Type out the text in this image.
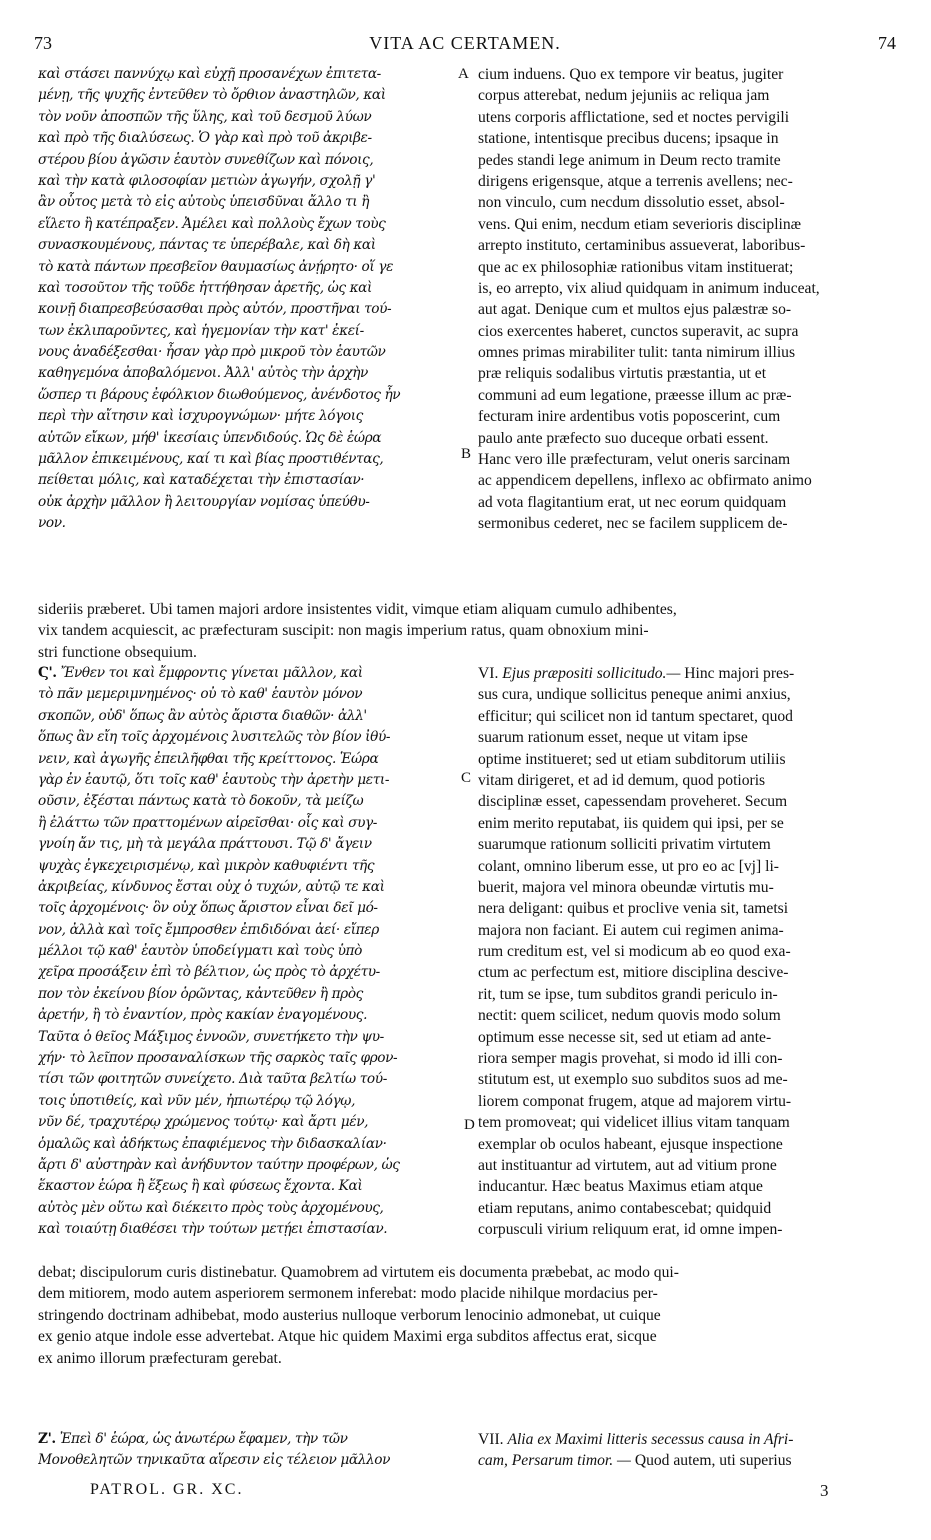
73	VITA AC CERTAMEN.	74
καὶ στάσει παννύχῳ καὶ εὐχῇ προσανέχων ἐπιτετα-
μένῃ, τῆς ψυχῆς ἐντεῦθεν τὸ ὄρθιον ἀναστηλῶν, καὶ
τὸν νοῦν ἀποσπῶν τῆς ὕλης, καὶ τοῦ δεσμοῦ λύων
καὶ πρὸ τῆς διαλύσεως. Ὁ γὰρ καὶ πρὸ τοῦ ἀκριβε-
στέρου βίου ἀγῶσιν ἑαυτὸν συνεθίζων καὶ πόνοις,
καὶ τὴν κατὰ φιλοσοφίαν μετιὼν ἀγωγήν, σχολῇ γ'
ἂν οὗτος μετὰ τὸ εἰς αὐτοὺς ὑπεισδῦναι ἄλλο τι ἢ
εἵλετο ἢ κατέπραξεν. Ἀμέλει καὶ πολλοὺς ἔχων τοὺς
συνασκουμένους, πάντας τε ὑπερέβαλε, καὶ δὴ καὶ
τὸ κατὰ πάντων πρεσβεῖον θαυμασίως ἀνῄρητο· οἵ γε
καὶ τοσοῦτον τῆς τοῦδε ἡττήθησαν ἀρετῆς, ὡς καὶ
κοινῇ διαπρεσβεύσασθαι πρὸς αὐτόν, προστῆναι τού-
των ἐκλιπαροῦντες, καὶ ἡγεμονίαν τὴν κατ' ἐκεί-
νους ἀναδέξεσθαι· ἦσαν γὰρ πρὸ μικροῦ τὸν ἑαυτῶν
καθηγεμόνα ἀποβαλόμενοι. Ἀλλ' αὐτὸς τὴν ἀρχὴν
ὥσπερ τι βάρους ἐφόλκιον διωθούμενος, ἀνένδοτος ἦν
περὶ τὴν αἴτησιν καὶ ἰσχυρογνώμων· μήτε λόγοις
αὐτῶν εἴκων, μήθ' ἱκεσίαις ὑπενδιδούς. Ὡς δὲ ἑώρα
μᾶλλον ἐπικειμένους, καί τι καὶ βίας προστιθέντας,
πείθεται μόλις, καὶ καταδέχεται τὴν ἐπιστασίαν·
οὐκ ἀρχὴν μᾶλλον ἢ λειτουργίαν νομίσας ὑπεύθυ-
νον.
cium induens. Quo ex tempore vir beatus, jugiter
corpus atterebat, nedum jejuniis ac reliqua jam
utens corporis afflictatione, sed et noctes pervigili
statione, intentisque precibus ducens; ipsaque in
pedes standi lege animum in Deum recto tramite
dirigens erigensque, atque a terrenis avellens; nec-
non vinculo, cum necdum dissolutio esset, absol-
vens. Qui enim, necdum etiam severioris disciplinæ
arrepto instituto, certaminibus assueverat, laboribus-
que ac ex philosophiæ rationibus vitam instituerat;
is, eo arrepto, vix aliud quidquam in animum induceat,
aut agat. Denique cum et multos ejus palæstræ so-
cios exercentes haberet, cunctos superavit, ac supra
omnes primas mirabiliter tulit: tanta nimirum illius
præ reliquis sodalibus virtutis præstantia, ut et
communi ad eum legatione, præesse illum ac præ-
fecturam inire ardentibus votis poposcerint, cum
paulo ante præfecto suo duceque orbati essent.
Hanc vero ille præfecturam, velut oneris sarcinam
ac appendicem depellens, inflexo ac obfirmato animo
ad vota flagitantium erat, ut nec eorum quidquam
sermonibus cederet, nec se facilem supplicem de-
sideriis præberet. Ubi tamen majori ardore insistentes vidit, vimque etiam aliquam cumulo adhibentes,
vix tandem acquiescit, ac præfecturam suscipit: non magis imperium ratus, quam obnoxium mini-
stri functione obsequium.
Ϛ'. Ἔνθεν τοι καὶ ἔμφροντις γίνεται μᾶλλον, καὶ
τὸ πᾶν μεμεριμνημένος· οὐ τὸ καθ' ἑαυτὸν μόνον
σκοπῶν, οὐδ' ὅπως ἂν αὐτὸς ἄριστα διαθῶν· ἀλλ'
ὅπως ἂν εἴη τοῖς ἀρχομένοις λυσιτελῶς τὸν βίον ἰθύ-
νειν, καὶ ἀγωγῆς ἐπειλῆφθαι τῆς κρείττονος. Ἑώρα
γὰρ ἐν ἑαυτῷ, ὅτι τοῖς καθ' ἑαυτοὺς τὴν ἀρετὴν μετι-
οῦσιν, ἐξέσται πάντως κατὰ τὸ δοκοῦν, τὰ μείζω
ἢ ἐλάττω τῶν πραττομένων αἱρεῖσθαι· οἷς καὶ συγ-
γνοίη ἄν τις, μὴ τὰ μεγάλα πράττουσι. Τῷ δ' ἄγειν
ψυχὰς ἐγκεχειρισμένῳ, καὶ μικρὸν καθυφιέντι τῆς
ἀκριβείας, κίνδυνος ἔσται οὐχ ὁ τυχών, αὐτῷ τε καὶ
τοῖς ἀρχομένοις· ὃν οὐχ ὅπως ἄριστον εἶναι δεῖ μό-
νον, ἀλλὰ καὶ τοῖς ἔμπροσθεν ἐπιδιδόναι ἀεί· εἴπερ
μέλλοι τῷ καθ' ἑαυτὸν ὑποδείγματι καὶ τοὺς ὑπὸ
χεῖρα προσάξειν ἐπὶ τὸ βέλτιον, ὡς πρὸς τὸ ἀρχέτυ-
πον τὸν ἐκείνου βίον ὁρῶντας, κἀντεῦθεν ἢ πρὸς
ἀρετήν, ἢ τὸ ἐναντίον, πρὸς κακίαν ἐναγομένους.
Ταῦτα ὁ θεῖος Μάξιμος ἐννοῶν, συνετήκετο τὴν ψυ-
χήν· τὸ λεῖπον προσαναλίσκων τῆς σαρκὸς ταῖς φρον-
τίσι τῶν φοιτητῶν συνείχετο. Διὰ ταῦτα βελτίω τού-
τοις ὑποτιθείς, καὶ νῦν μέν, ἠπιωτέρῳ τῷ λόγῳ,
νῦν δέ, τραχυτέρῳ χρώμενος τούτῳ· καὶ ἄρτι μέν,
ὁμαλῶς καὶ ἀδήκτως ἐπαφιέμενος τὴν διδασκαλίαν·
ἄρτι δ' αὐστηρὰν καὶ ἀνήδυντον ταύτην προφέρων, ὡς
ἕκαστον ἑώρα ἢ ἕξεως ἢ καὶ φύσεως ἔχοντα. Καὶ
αὐτὸς μὲν οὕτω καὶ διέκειτο πρὸς τοὺς ἀρχομένους,
καὶ τοιαύτῃ διαθέσει τὴν τούτων μετῄει ἐπιστασίαν.
VI. Ejus præpositi sollicitudo.— Hinc majori pres-
sus cura, undique sollicitus peneque animi anxius,
efficitur; qui scilicet non id tantum spectaret, quod
suarum rationum esset, neque ut vitam ipse
optime institueret; sed ut etiam subditorum utiliis
vitam dirigeret, et ad id demum, quod potioris
disciplinæ esset, capessendam proveheret. Secum
enim merito reputabat, iis quidem qui ipsi, per se
suarumque rationum solliciti privatim virtutem
colant, omnino liberum esse, ut pro eo ac [vj] li-
buerit, majora vel minora obeundæ virtutis mu-
nera deligant: quibus et proclive venia sit, tametsi
majora non faciant. Ei autem cui regimen anima-
rum creditum est, vel si modicum ab eo quod exa-
ctum ac perfectum est, mitiore disciplina descive-
rit, tum se ipse, tum subditos grandi periculo in-
nectit: quem scilicet, nedum quovis modo solum
optimum esse necesse sit, sed ut etiam ad ante-
riora semper magis provehat, si modo id illi con-
stitutum est, ut exemplo suo subditos suos ad me-
liorem componat frugem, atque ad majorem virtu-
tem promoveat; qui videlicet illius vitam tanquam
exemplar ob oculos habeant, ejusque inspectione
aut instituantur ad virtutem, aut ad vitium prone
inducantur. Hæc beatus Maximus etiam atque
etiam reputans, animo contabescebat; quidquid
corpusculi virium reliquum erat, id omne impen-
debat; discipulorum curis distinebatur. Quamobrem ad virtutem eis documenta præbebat, ac modo qui-
dem mitiorem, modo autem asperiorem sermonem inferebat: modo placide nihilque mordacius per-
stringendo doctrinam adhibebat, modo austerius nulloque verborum lenocinio admonebat, ut cuique
ex genio atque indole esse advertebat. Atque hic quidem Maximi erga subditos affectus erat, sicque
ex animo illorum præfecturam gerebat.
Ζ'. Ἐπεὶ δ' ἑώρα, ὡς ἀνωτέρω ἔφαμεν, τὴν τῶν
Μονοθελητῶν τηνικαῦτα αἵρεσιν εἰς τέλειον μᾶλλον
VII. Alia ex Maximi litteris secessus causa in Afri-
cam, Persarum timor. — Quod autem, uti superius
A
B
C
D
PATROL. GR. XC.	3
